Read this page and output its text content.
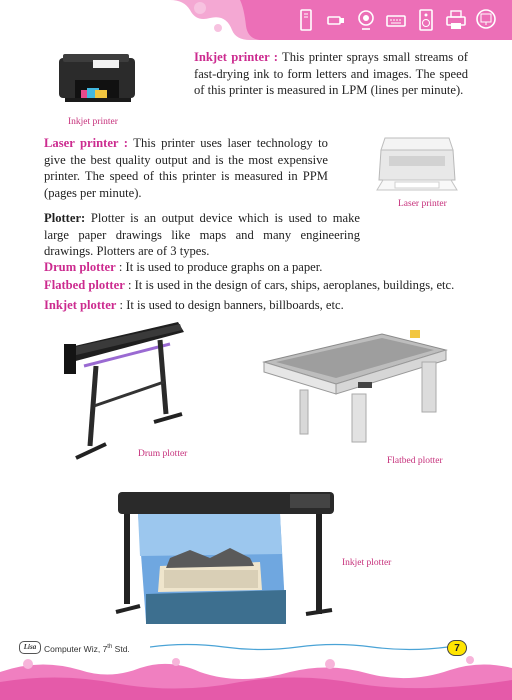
Inkjet printer
Inkjet printer : This printer sprays small streams of fast-drying ink to form letters and images. The speed of this printer is measured in LPM (lines per minute).
Laser printer : This printer uses laser technology to give the best quality output and is the most expensive printer. The speed of this printer is measured in PPM (pages per minute).
Laser printer
Plotter: Plotter is an output device which is used to make large paper drawings like maps and many engineering drawings. Plotters are of 3 types.
Drum plotter : It is used to produce graphs on a paper.
Flatbed plotter : It is used in the design of cars, ships, aeroplanes, buildings, etc.
Inkjet plotter : It is used to design banners, billboards, etc.
Drum plotter
Flatbed plotter
Inkjet plotter
Lisa Computer Wiz, 7th Std.	7
